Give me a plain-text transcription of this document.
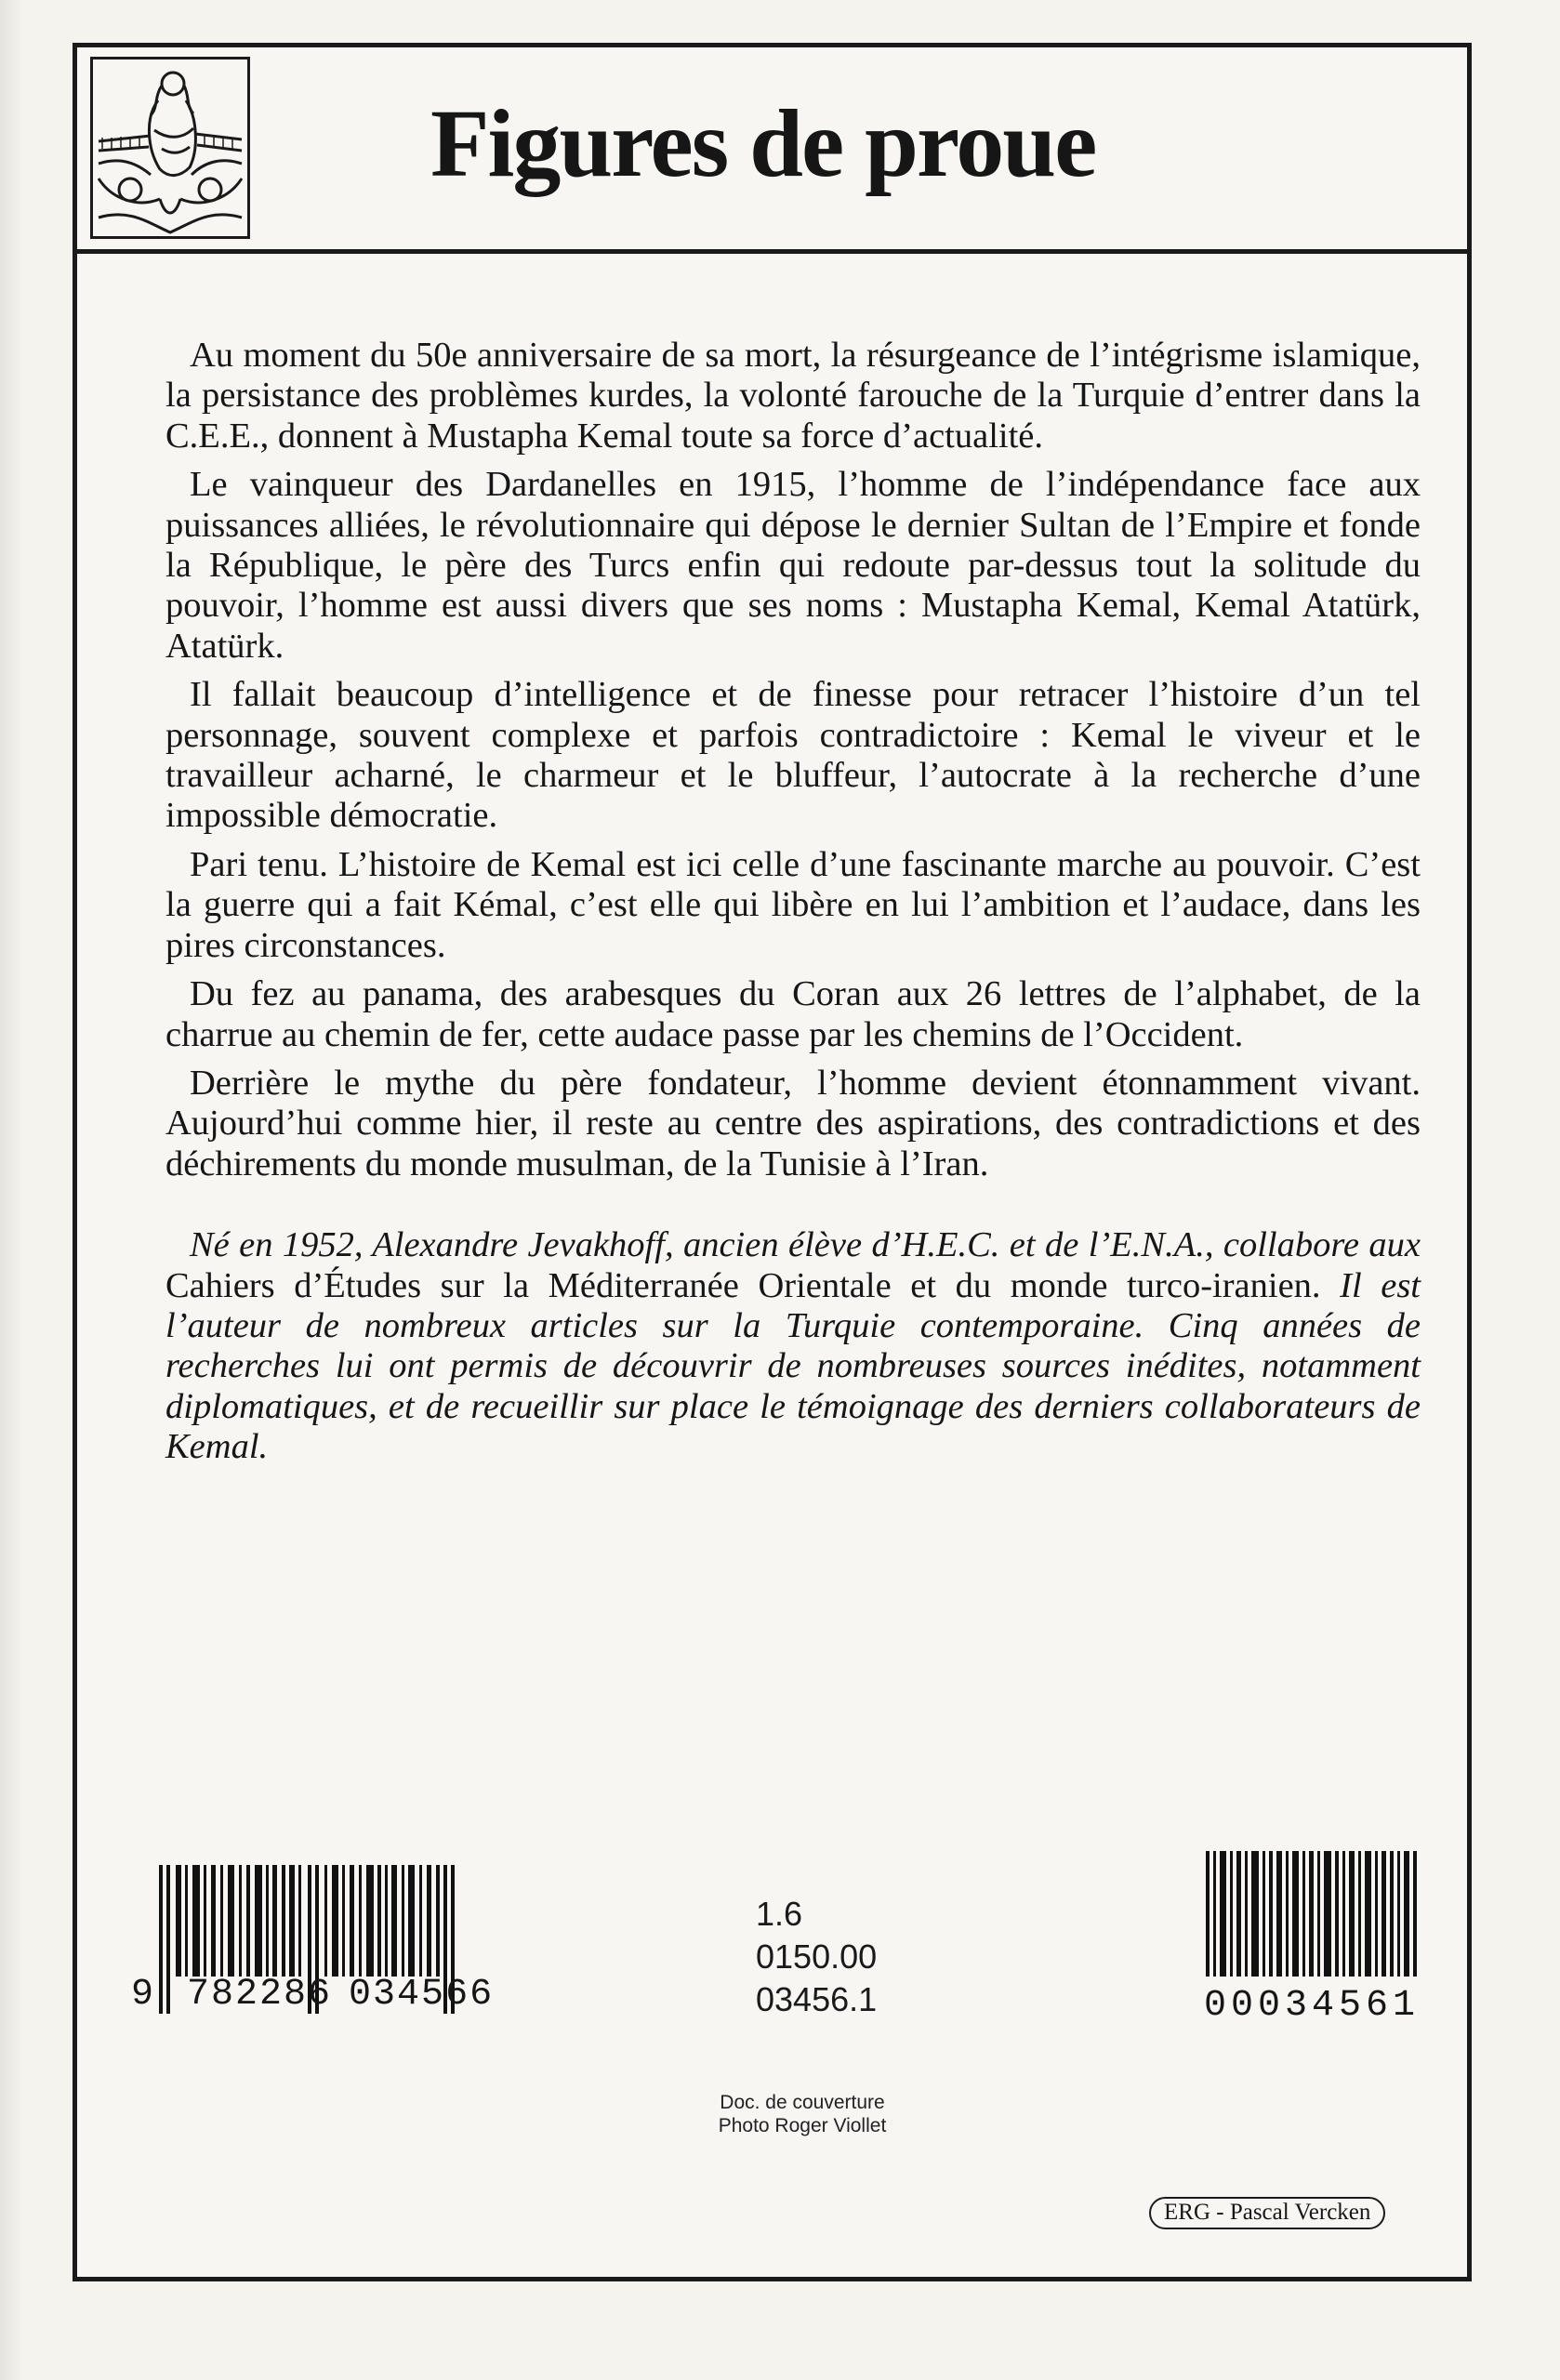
Figures de proue

Au moment du 50e anniversaire de sa mort, la résurgeance de l’intégrisme islamique, la persistance des problèmes kurdes, la volonté farouche de la Turquie d’entrer dans la C.E.E., donnent à Mustapha Kemal toute sa force d’actualité.

Le vainqueur des Dardanelles en 1915, l’homme de l’indépendance face aux puissances alliées, le révolutionnaire qui dépose le dernier Sultan de l’Empire et fonde la République, le père des Turcs enfin qui redoute par-dessus tout la solitude du pouvoir, l’homme est aussi divers que ses noms : Mustapha Kemal, Kemal Atatürk, Atatürk.

Il fallait beaucoup d’intelligence et de finesse pour retracer l’histoire d’un tel personnage, souvent complexe et parfois contradictoire : Kemal le viveur et le travailleur acharné, le charmeur et le bluffeur, l’autocrate à la recherche d’une impossible démocratie.

Pari tenu. L’histoire de Kemal est ici celle d’une fascinante marche au pouvoir. C’est la guerre qui a fait Kémal, c’est elle qui libère en lui l’ambition et l’audace, dans les pires circonstances.

Du fez au panama, des arabesques du Coran aux 26 lettres de l’alphabet, de la charrue au chemin de fer, cette audace passe par les chemins de l’Occident.

Derrière le mythe du père fondateur, l’homme devient étonnamment vivant. Aujourd’hui comme hier, il reste au centre des aspirations, des contradictions et des déchirements du monde musulman, de la Tunisie à l’Iran.

Né en 1952, Alexandre Jevakhoff, ancien élève d’H.E.C. et de l’E.N.A., collabore aux Cahiers d’Études sur la Méditerranée Orientale et du monde turco-iranien. Il est l’auteur de nombreux articles sur la Turquie contemporaine. Cinq années de recherches lui ont permis de découvrir de nombreuses sources inédites, notamment diplomatiques, et de recueillir sur place le témoignage des derniers collaborateurs de Kemal.

9 782286 034566
1.6
0150.00
03456.1	00034561
Doc. de couverture
Photo Roger Viollet
ERG - Pascal Vercken
